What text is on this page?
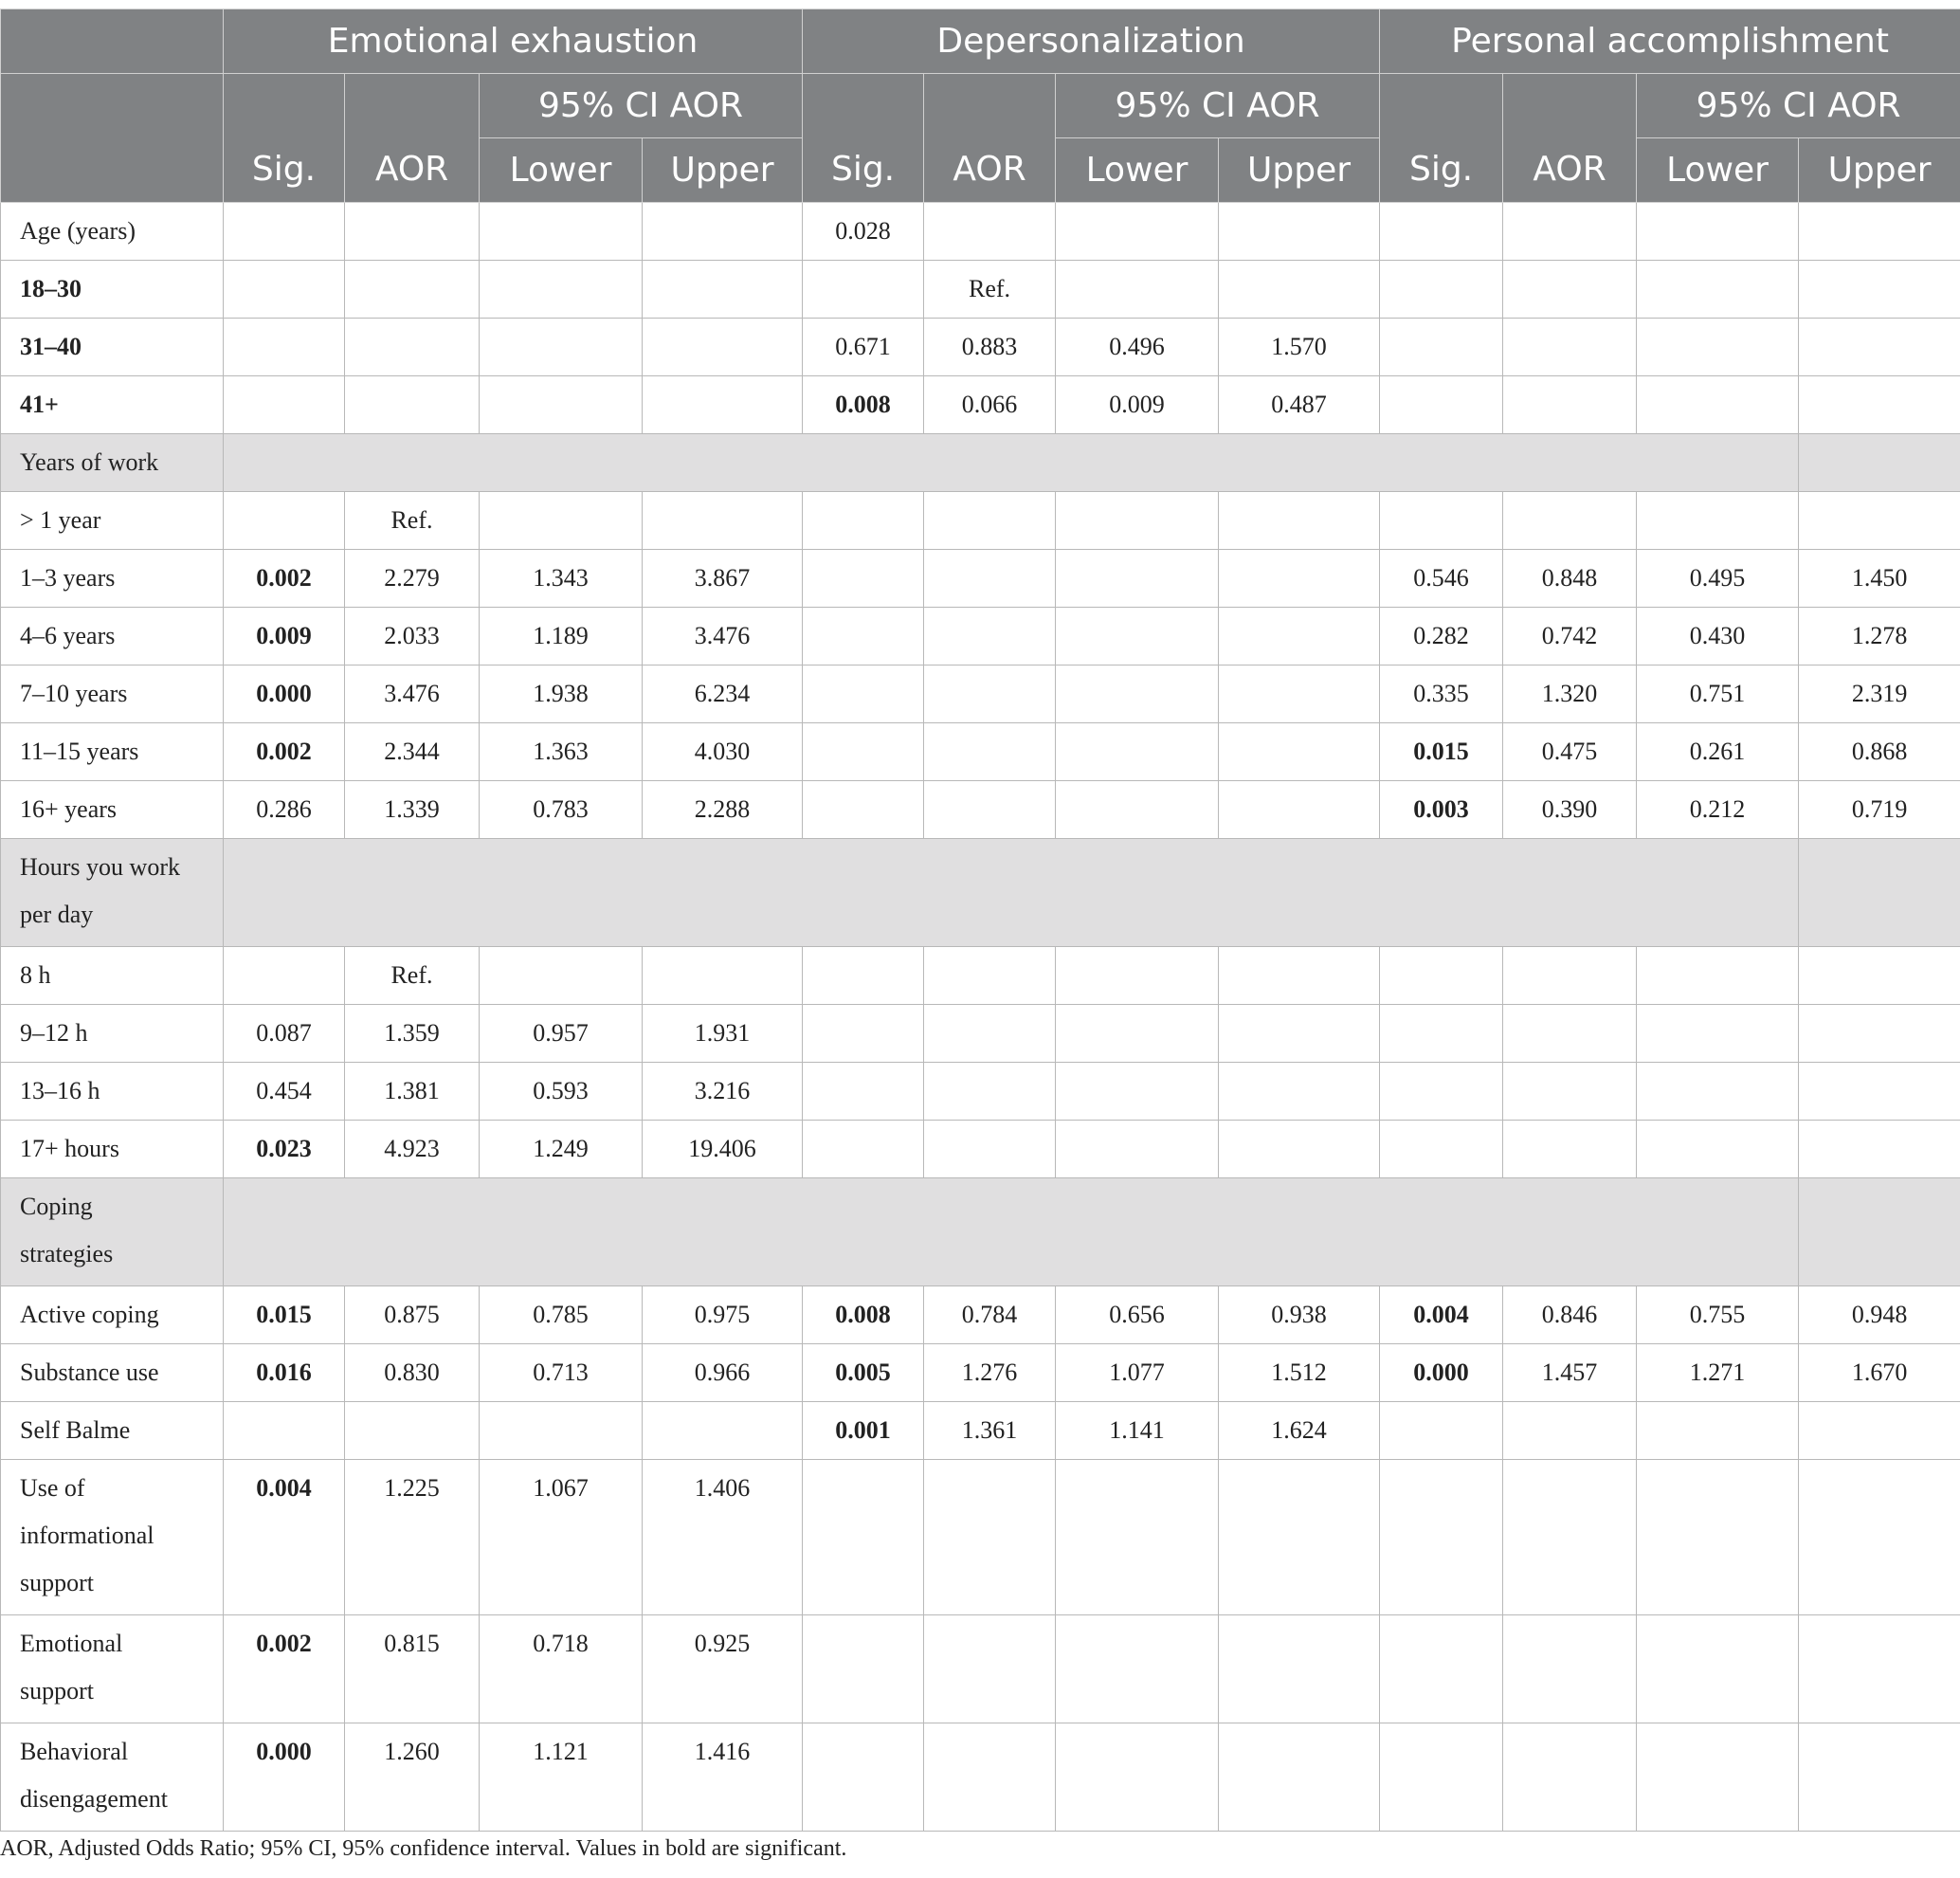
	Emotional exhaustion				Depersonalization				Personal accomplishment			
	Sig.	AOR	95% CI AOR		Sig.	AOR	95% CI AOR		Sig.	AOR	95% CI AOR	
			Lower	Upper			Lower	Upper			Lower	Upper
Age (years)					0.028							
18–30						Ref.						
31–40					0.671	0.883	0.496	1.570				
41+					0.008	0.066	0.009	0.487				
Years of work												
> 1 year		Ref.										
1–3 years	0.002	2.279	1.343	3.867					0.546	0.848	0.495	1.450
4–6 years	0.009	2.033	1.189	3.476					0.282	0.742	0.430	1.278
7–10 years	0.000	3.476	1.938	6.234					0.335	1.320	0.751	2.319
11–15 years	0.002	2.344	1.363	4.030					0.015	0.475	0.261	0.868
16+ years	0.286	1.339	0.783	2.288					0.003	0.390	0.212	0.719
Hours you work
per day												
8 h		Ref.										
9–12 h	0.087	1.359	0.957	1.931								
13–16 h	0.454	1.381	0.593	3.216								
17+ hours	0.023	4.923	1.249	19.406								
Coping
strategies												
Active coping	0.015	0.875	0.785	0.975	0.008	0.784	0.656	0.938	0.004	0.846	0.755	0.948
Substance use	0.016	0.830	0.713	0.966	0.005	1.276	1.077	1.512	0.000	1.457	1.271	1.670
Self Balme					0.001	1.361	1.141	1.624				
Use of
informational
support	0.004	1.225	1.067	1.406								
Emotional
support	0.002	0.815	0.718	0.925								
Behavioral
disengagement	0.000	1.260	1.121	1.416								
AOR, Adjusted Odds Ratio; 95% CI, 95% confidence interval. Values in bold are significant.
